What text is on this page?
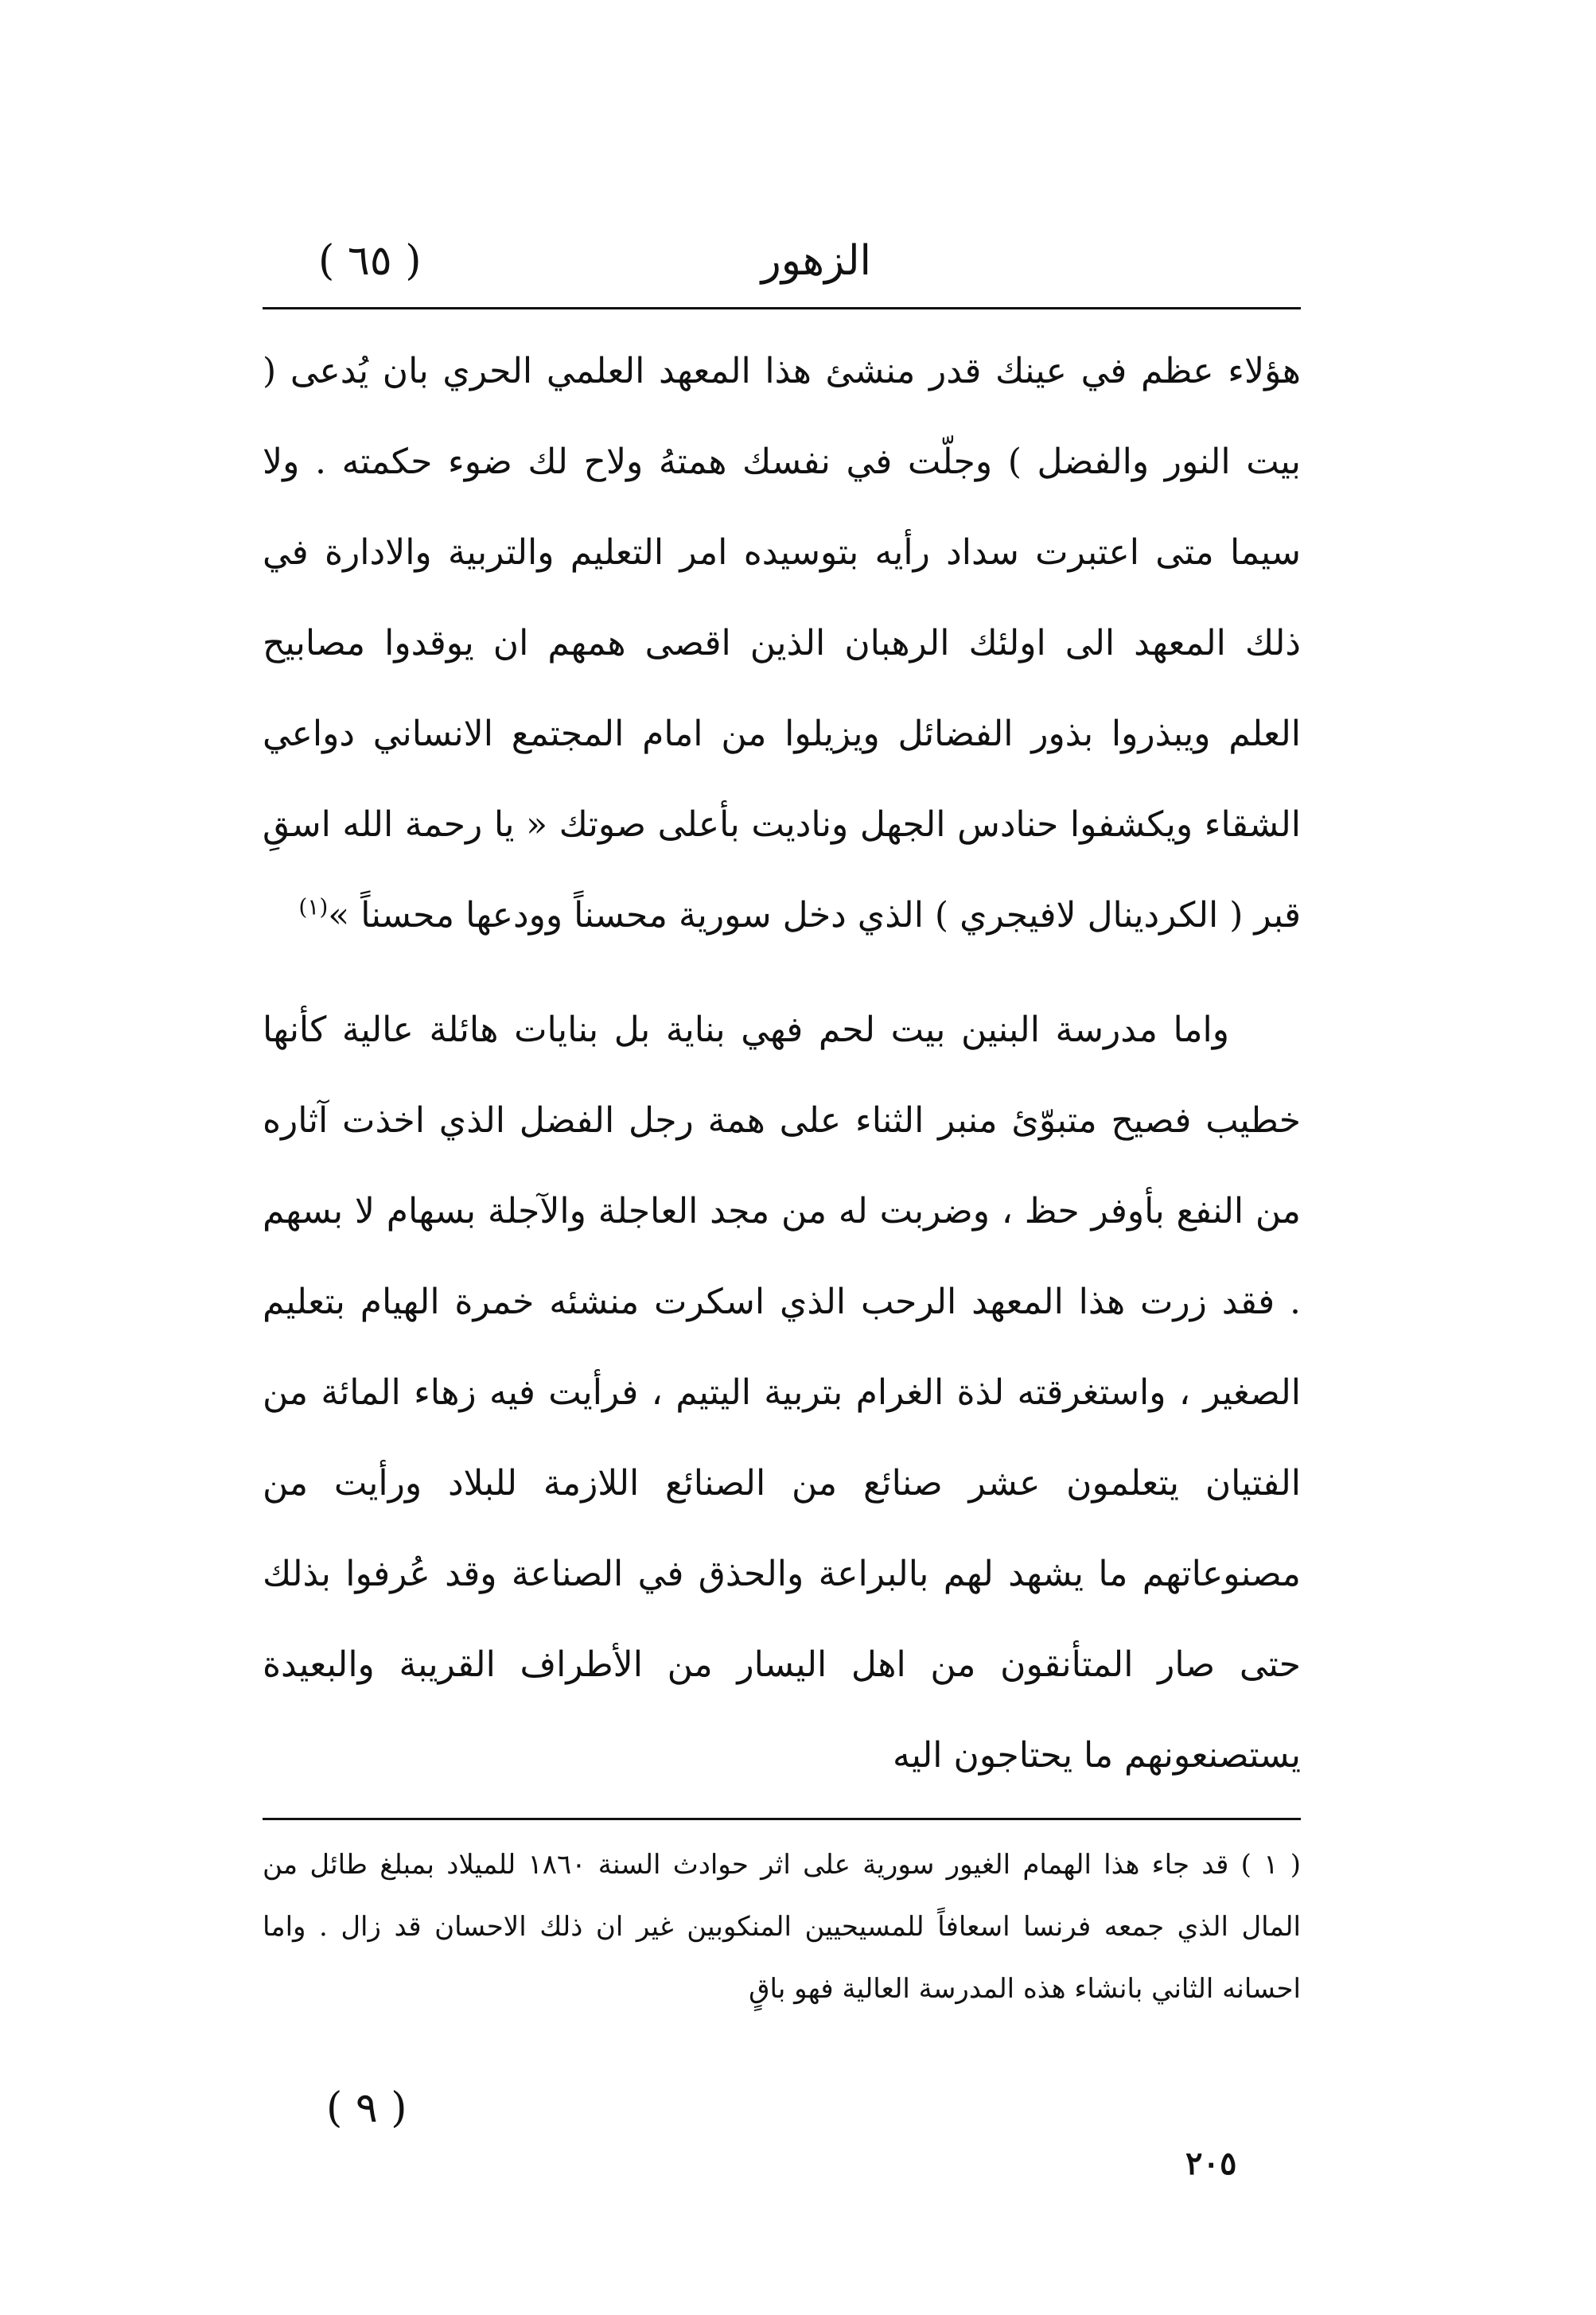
الزهور
( ٦٥ )

هؤلاء عظم في عينك قدر منشئ هذا المعهد العلمي الحري بان يُدعى ( بيت النور والفضل ) وجلّت في نفسك همتهُ ولاح لك ضوء حكمته . ولا سيما متى اعتبرت سداد رأيه بتوسيده امر التعليم والتربية والادارة في ذلك المعهد الى اولئك الرهبان الذين اقصى همهم ان يوقدوا مصابيح العلم ويبذروا بذور الفضائل ويزيلوا من امام المجتمع الانساني دواعي الشقاء ويكشفوا حنادس الجهل وناديت بأعلى صوتك « يا رحمة الله اسقِ قبر ( الكردينال لافيجري ) الذي دخل سورية محسناً وودعها محسناً »$^{(١)}$

واما مدرسة البنين بيت لحم فهي بناية بل بنايات هائلة عالية كأنها خطيب فصيح متبوّئ منبر الثناء على همة رجل الفضل الذي اخذت آثاره من النفع بأوفر حظ ، وضربت له من مجد العاجلة والآجلة بسهام لا بسهم . فقد زرت هذا المعهد الرحب الذي اسكرت منشئه خمرة الهيام بتعليم الصغير ، واستغرقته لذة الغرام بتربية اليتيم ، فرأيت فيه زهاء المائة من الفتيان يتعلمون عشر صنائع من الصنائع اللازمة للبلاد ورأيت من مصنوعاتهم ما يشهد لهم بالبراعة والحذق في الصناعة وقد عُرفوا بذلك حتى صار المتأنقون من اهل اليسار من الأطراف القريبة والبعيدة يستصنعونهم ما يحتاجون اليه

( ١ ) قد جاء هذا الهمام الغيور سورية على اثر حوادث السنة ١٨٦٠ للميلاد بمبلغ طائل من المال الذي جمعه فرنسا اسعافاً للمسيحيين المنكوبين غير ان ذلك الاحسان قد زال . واما احسانه الثاني بانشاء هذه المدرسة العالية فهو باقٍ

( ٩ )
٢٠٥
